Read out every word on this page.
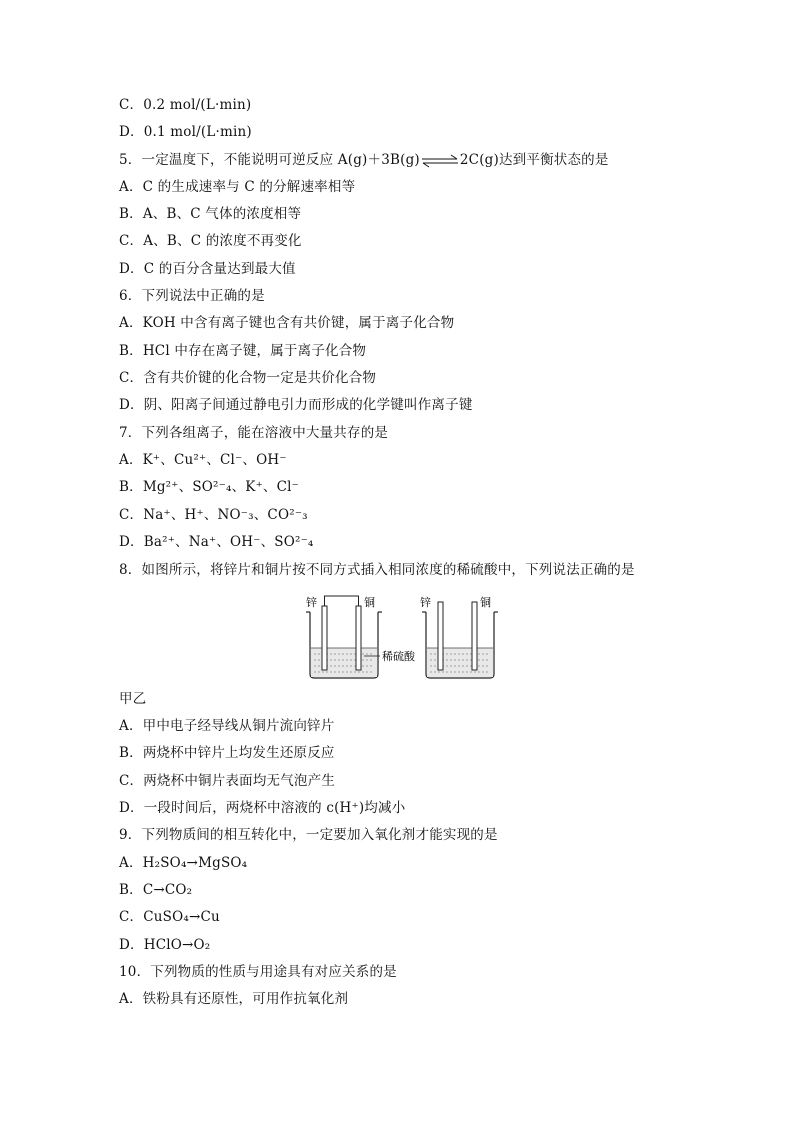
C．0.2 mol/(L·min)
D．0.1 mol/(L·min)
5．一定温度下，不能说明可逆反应 A(g)＋3B(g)⇌2C(g)达到平衡状态的是
A．C 的生成速率与 C 的分解速率相等
B．A、B、C 气体的浓度相等
C．A、B、C 的浓度不再变化
D．C 的百分含量达到最大值
6．下列说法中正确的是
A．KOH 中含有离子键也含有共价键，属于离子化合物
B．HCl 中存在离子键，属于离子化合物
C．含有共价键的化合物一定是共价化合物
D．阴、阳离子间通过静电引力而形成的化学键叫作离子键
7．下列各组离子，能在溶液中大量共存的是
A．K⁺、Cu²⁺、Cl⁻、OH⁻
B．Mg²⁺、SO²⁻₄、K⁺、Cl⁻
C．Na⁺、H⁺、NO⁻₃、CO²⁻₃
D．Ba²⁺、Na⁺、OH⁻、SO²⁻₄
8．如图所示，将锌片和铜片按不同方式插入相同浓度的稀硫酸中，下列说法正确的是
锌	铜
稀硫酸
锌	铜
甲乙
A．甲中电子经导线从铜片流向锌片
B．两烧杯中锌片上均发生还原反应
C．两烧杯中铜片表面均无气泡产生
D．一段时间后，两烧杯中溶液的 c(H⁺)均减小
9．下列物质间的相互转化中，一定要加入氧化剂才能实现的是
A．H₂SO₄→MgSO₄
B．C→CO₂
C．CuSO₄→Cu
D．HClO→O₂
10．下列物质的性质与用途具有对应关系的是
A．铁粉具有还原性，可用作抗氧化剂
